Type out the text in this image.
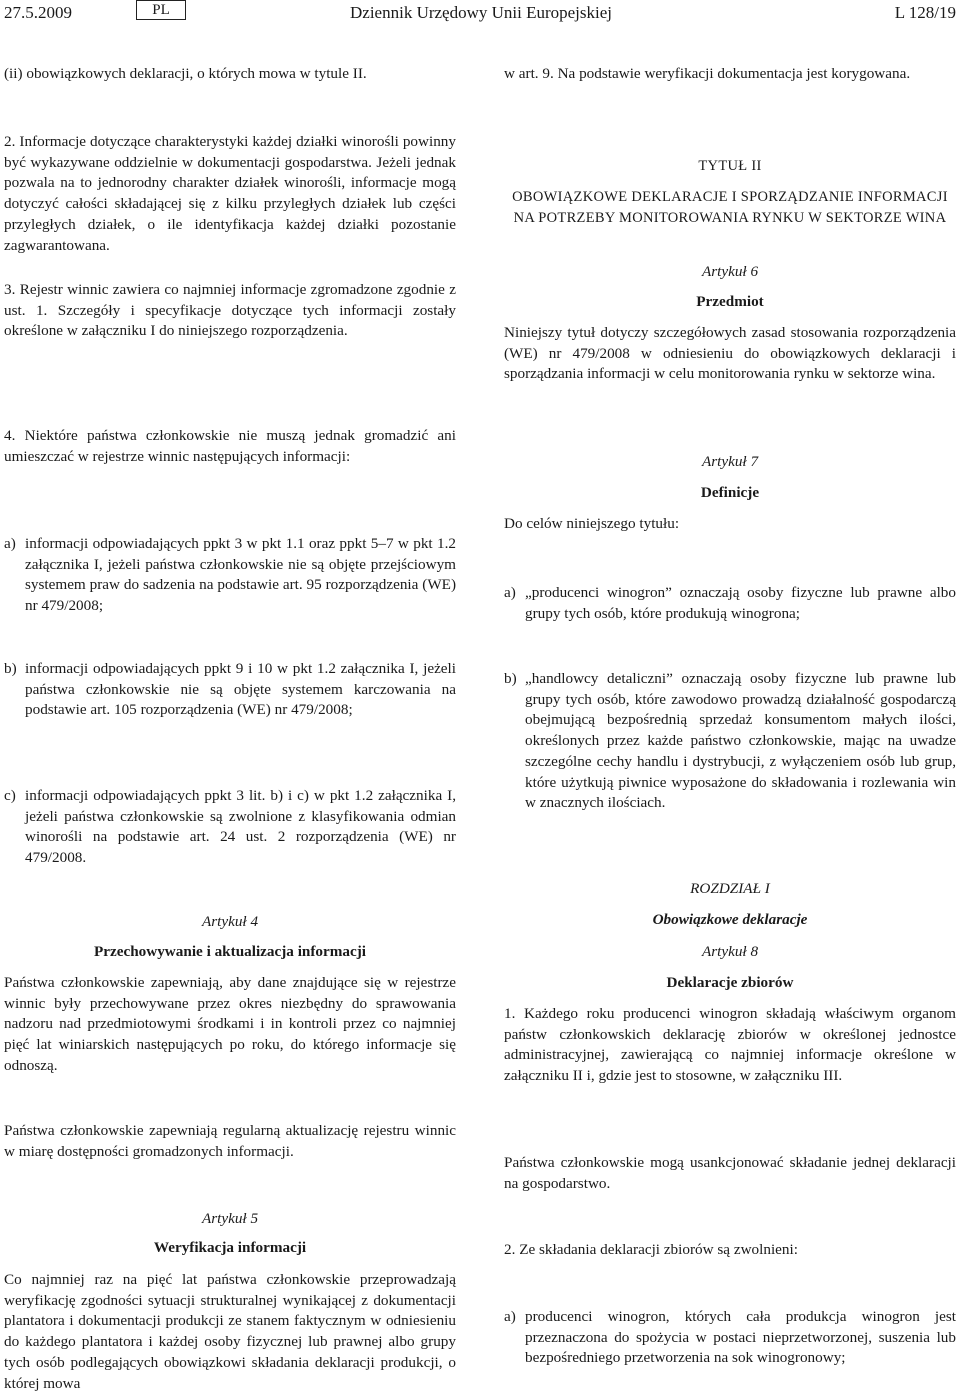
27.5.2009	PL	Dziennik Urzędowy Unii Europejskiej	L 128/19
(ii) obowiązkowych deklaracji, o których mowa w tytule II.
2. Informacje dotyczące charakterystyki każdej działki winorośli powinny być wykazywane oddzielnie w dokumentacji gospodarstwa. Jeżeli jednak pozwala na to jednorodny charakter działek winorośli, informacje mogą dotyczyć całości składającej się z kilku przyległych działek lub części przyległych działek, o ile identyfikacja każdej działki pozostanie zagwarantowana.
3. Rejestr winnic zawiera co najmniej informacje zgromadzone zgodnie z ust. 1. Szczegóły i specyfikacje dotyczące tych informacji zostały określone w załączniku I do niniejszego rozporządzenia.
4. Niektóre państwa członkowskie nie muszą jednak gromadzić ani umieszczać w rejestrze winnic następujących informacji:
a) informacji odpowiadających ppkt 3 w pkt 1.1 oraz ppkt 5–7 w pkt 1.2 załącznika I, jeżeli państwa członkowskie nie są objęte przejściowym systemem praw do sadzenia na podstawie art. 95 rozporządzenia (WE) nr 479/2008;
b) informacji odpowiadających ppkt 9 i 10 w pkt 1.2 załącznika I, jeżeli państwa członkowskie nie są objęte systemem karczowania na podstawie art. 105 rozporządzenia (WE) nr 479/2008;
c) informacji odpowiadających ppkt 3 lit. b) i c) w pkt 1.2 załącznika I, jeżeli państwa członkowskie są zwolnione z klasyfikowania odmian winorośli na podstawie art. 24 ust. 2 rozporządzenia (WE) nr 479/2008.
Artykuł 4
Przechowywanie i aktualizacja informacji
Państwa członkowskie zapewniają, aby dane znajdujące się w rejestrze winnic były przechowywane przez okres niezbędny do sprawowania nadzoru nad przedmiotowymi środkami i in kontroli przez co najmniej pięć lat winiarskich następujących po roku, do którego informacje się odnoszą.
Państwa członkowskie zapewniają regularną aktualizację rejestru winnic w miarę dostępności gromadzonych informacji.
Artykuł 5
Weryfikacja informacji
Co najmniej raz na pięć lat państwa członkowskie przeprowadzają weryfikację zgodności sytuacji strukturalnej wynikającej z dokumentacji plantatora i dokumentacji produkcji ze stanem faktycznym w odniesieniu do każdego plantatora i każdej osoby fizycznej lub prawnej albo grupy tych osób podlegających obowiązkowi składania deklaracji produkcji, o której mowa
w art. 9. Na podstawie weryfikacji dokumentacja jest korygowana.
TYTUŁ II
OBOWIĄZKOWE DEKLARACJE I SPORZĄDZANIE INFORMACJI NA POTRZEBY MONITOROWANIA RYNKU W SEKTORZE WINA
Artykuł 6
Przedmiot
Niniejszy tytuł dotyczy szczegółowych zasad stosowania rozporządzenia (WE) nr 479/2008 w odniesieniu do obowiązkowych deklaracji i sporządzania informacji w celu monitorowania rynku w sektorze wina.
Artykuł 7
Definicje
Do celów niniejszego tytułu:
a) „producenci winogron” oznaczają osoby fizyczne lub prawne albo grupy tych osób, które produkują winogrona;
b) „handlowcy detaliczni” oznaczają osoby fizyczne lub prawne lub grupy tych osób, które zawodowo prowadzą działalność gospodarczą obejmującą bezpośrednią sprzedaż konsumentom małych ilości, określonych przez każde państwo członkowskie, mając na uwadze szczególne cechy handlu i dystrybucji, z wyłączeniem osób lub grup, które użytkują piwnice wyposażone do składowania i rozlewania win w znacznych ilościach.
ROZDZIAŁ I
Obowiązkowe deklaracje
Artykuł 8
Deklaracje zbiorów
1. Każdego roku producenci winogron składają właściwym organom państw członkowskich deklarację zbiorów w określonej jednostce administracyjnej, zawierającą co najmniej informacje określone w załączniku II i, gdzie jest to stosowne, w załączniku III.
Państwa członkowskie mogą usankcjonować składanie jednej deklaracji na gospodarstwo.
2. Ze składania deklaracji zbiorów są zwolnieni:
a) producenci winogron, których cała produkcja winogron jest przeznaczona do spożycia w postaci nieprzetworzonej, suszenia lub bezpośredniego przetworzenia na sok winogronowy;
